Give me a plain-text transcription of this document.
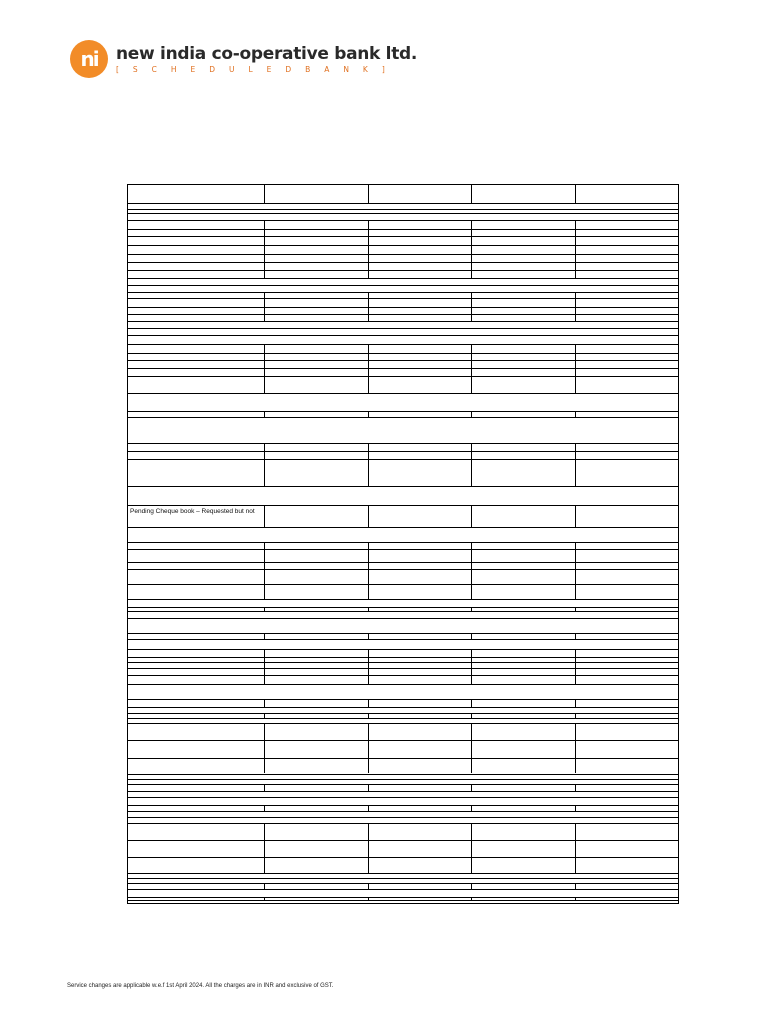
ni	new india co-operative bank ltd.
[ S C H E D U L E D B A N K ]
Pending Cheque book – Requested but not
Service changes are applicable w.e.f 1st April 2024. All the charges are in INR and exclusive of GST.
